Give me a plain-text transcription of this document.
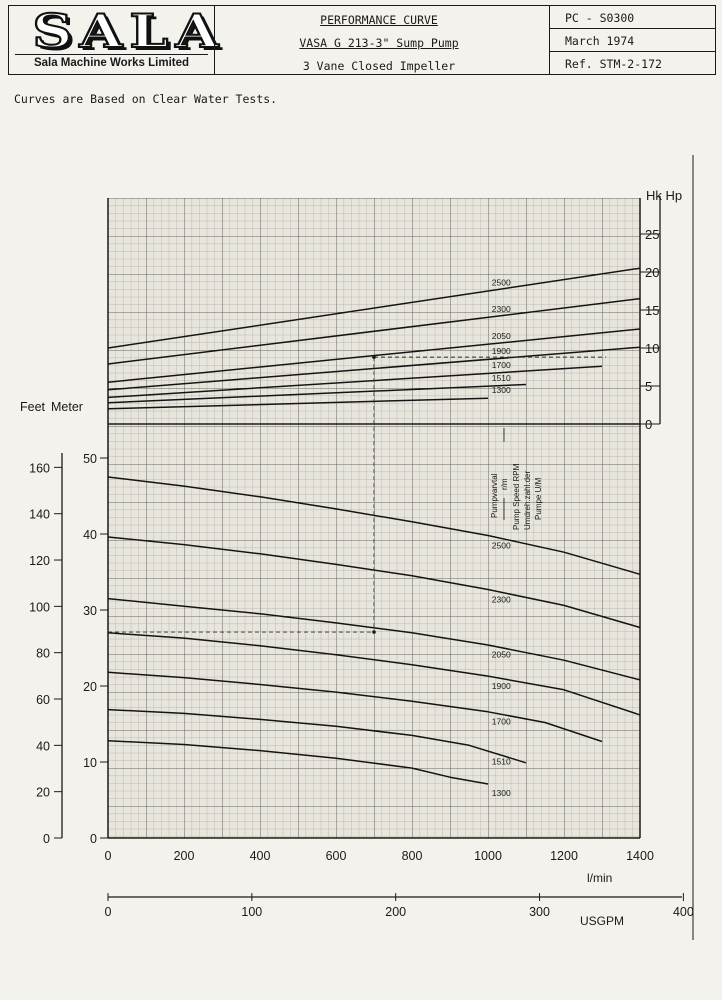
SALA
Sala Machine Works Limited
PERFORMANCE CURVE
VASA G 213-3" Sump Pump
3 Vane Closed Impeller
PC - S0300
March 1974
Ref. STM-2-172
Curves are Based on Clear Water Tests.
Hk Hp
Feet Meter
l/min
USGPM
Pumpvarvtal r/m Pump Speed RPM Umdreh.zahl.der Pumpe U/M
0
5
10
15
20
25
0
10
20
30
40
50
0
20
40
60
80
100
120
140
160
0	200	400	600	800	1000	1200	1400
0	100	200	300	400
2500
2300
2050
1900
1700
1510
1300
2500
2300
2050
1900
1700
1510
1300
